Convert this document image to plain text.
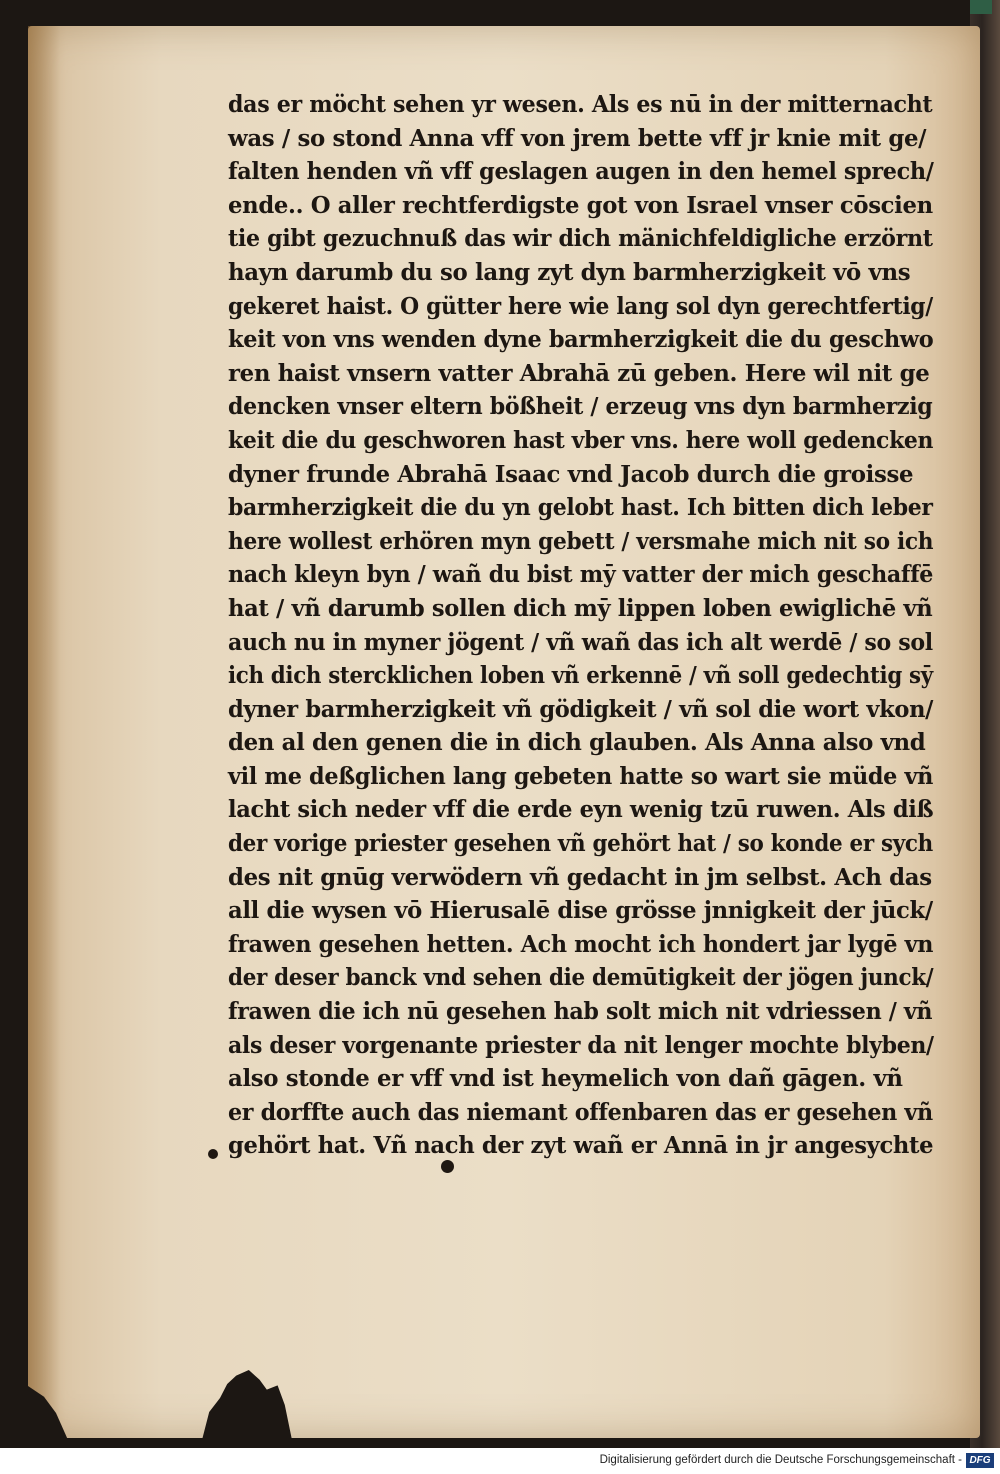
das er möcht sehen yr wesen. Als es nū in der mitternacht
was / so stond Anna vff von jrem bette vff jr knie mit ge/
falten henden vñ vff geslagen augen in den hemel sprech/
ende.. O aller rechtferdigste got von Israel vnser cōscien
tie gibt gezuchnuß das wir dich mänichfeldigliche erzörnt
hayn darumb du so lang zyt dyn barmherzigkeit vō vns
gekeret haist. O gütter here wie lang sol dyn gerechtfertig/
keit von vns wenden dyne barmherzigkeit die du geschwo
ren haist vnsern vatter Abrahā zū geben. Here wil nit ge
dencken vnser eltern bößheit / erzeug vns dyn barmherzig
keit die du geschworen hast vber vns. here woll gedencken
dyner frunde Abrahā Isaac vnd Jacob durch die groisse
barmherzigkeit die du yn gelobt hast. Ich bitten dich leber
here wollest erhören myn gebett / versmahe mich nit so ich
nach kleyn byn / wañ du bist mȳ vatter der mich geschaffē
hat / vñ darumb sollen dich mȳ lippen loben ewiglichē vñ
auch nu in myner jögent / vñ wañ das ich alt werdē / so sol
ich dich stercklichen loben vñ erkennē / vñ soll gedechtig sȳ
dyner barmherzigkeit vñ gödigkeit / vñ sol die wort vkon/
den al den genen die in dich glauben. Als Anna also vnd
vil me deßglichen lang gebeten hatte so wart sie müde vñ
lacht sich neder vff die erde eyn wenig tzū ruwen. Als diß
der vorige priester gesehen vñ gehört hat / so konde er sych
des nit gnūg verwödern vñ gedacht in jm selbst. Ach das
all die wysen vō Hierusalē dise grösse jnnigkeit der jūck/
frawen gesehen hetten. Ach mocht ich hondert jar lygē vn
der deser banck vnd sehen die demūtigkeit der jögen junck/
frawen die ich nū gesehen hab solt mich nit vdriessen / vñ
als deser vorgenante priester da nit lenger mochte blyben/
also stonde er vff vnd ist heymelich von dañ gāgen. vñ
er dorffte auch das niemant offenbaren das er gesehen vñ
gehört hat. Vñ nach der zyt wañ er Annā in jr angesychte
Digitalisierung gefördert durch die Deutsche Forschungsgemeinschaft - DFG
